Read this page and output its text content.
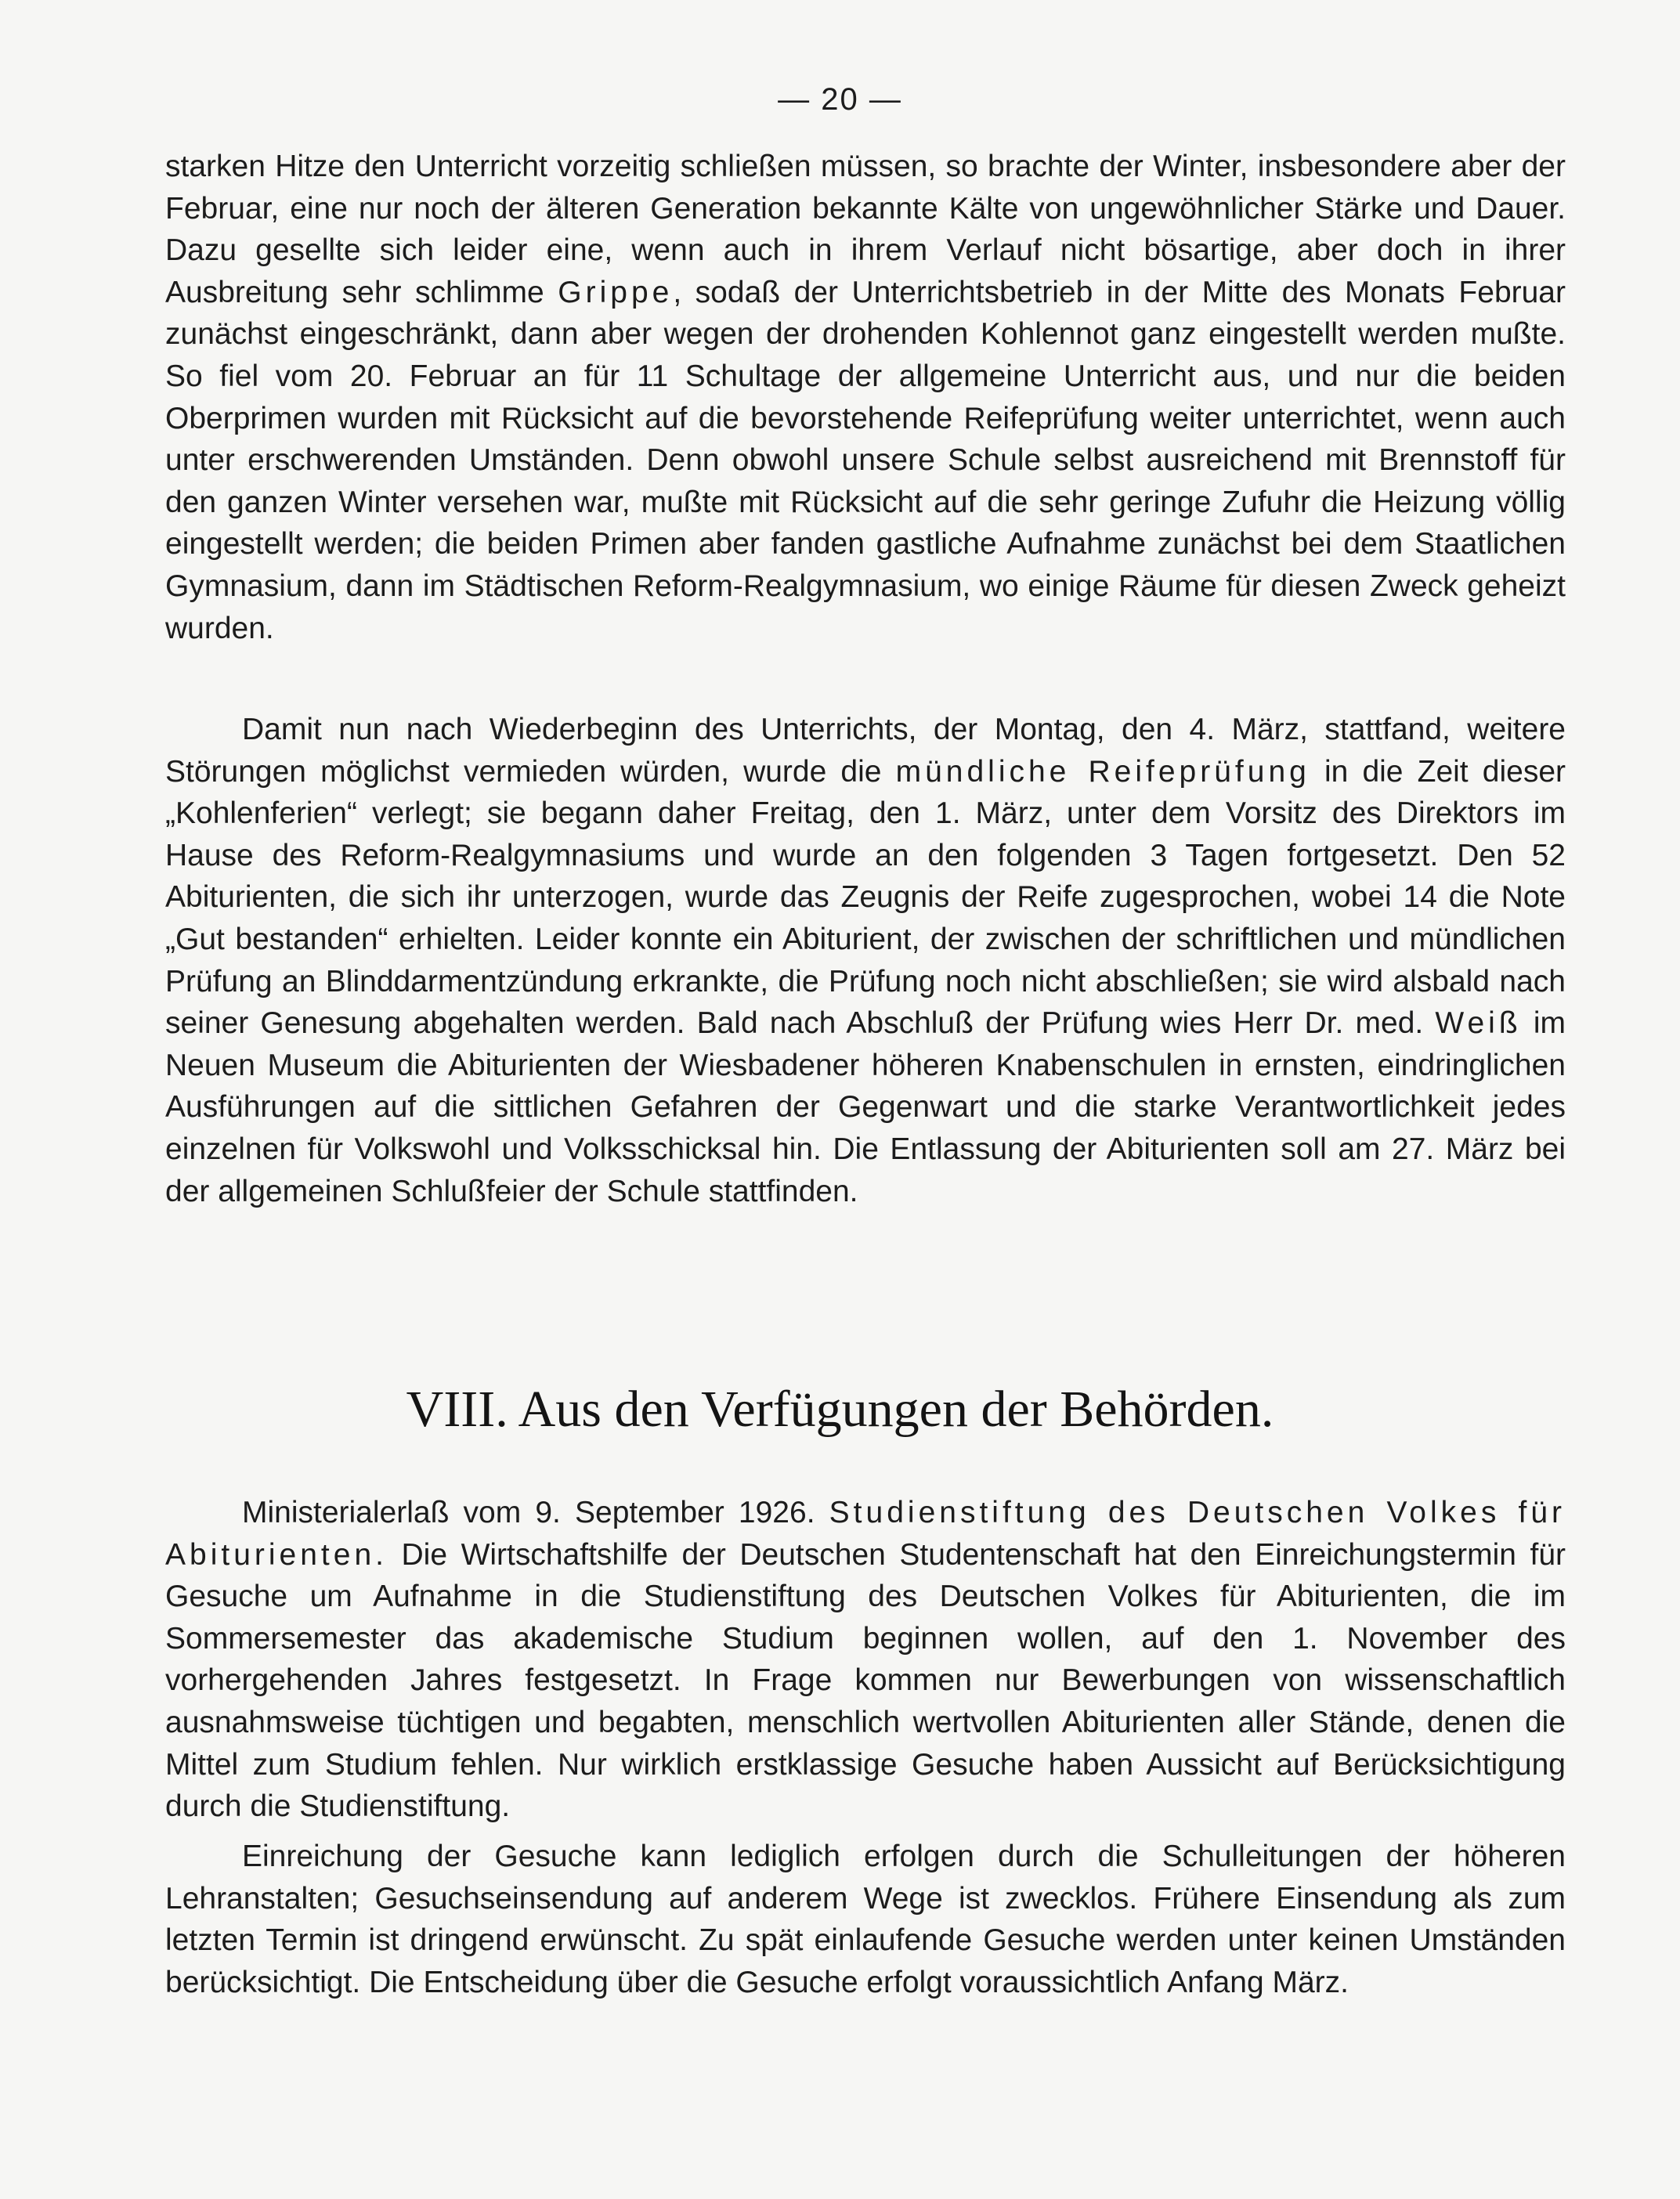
— 20 —

starken Hitze den Unterricht vorzeitig schließen müssen, so brachte der Winter, insbesondere aber der Februar, eine nur noch der älteren Generation bekannte Kälte von ungewöhnlicher Stärke und Dauer. Dazu gesellte sich leider eine, wenn auch in ihrem Verlauf nicht bösartige, aber doch in ihrer Ausbreitung sehr schlimme Grippe, sodaß der Unterrichtsbetrieb in der Mitte des Monats Februar zunächst eingeschränkt, dann aber wegen der drohenden Kohlennot ganz eingestellt werden mußte. So fiel vom 20. Februar an für 11 Schultage der allgemeine Unterricht aus, und nur die beiden Oberprimen wurden mit Rücksicht auf die bevorstehende Reifeprüfung weiter unterrichtet, wenn auch unter erschwerenden Umständen. Denn obwohl unsere Schule selbst ausreichend mit Brennstoff für den ganzen Winter versehen war, mußte mit Rücksicht auf die sehr geringe Zufuhr die Heizung völlig eingestellt werden; die beiden Primen aber fanden gastliche Aufnahme zunächst bei dem Staatlichen Gymnasium, dann im Städtischen Reform-Realgymnasium, wo einige Räume für diesen Zweck geheizt wurden.

Damit nun nach Wiederbeginn des Unterrichts, der Montag, den 4. März, stattfand, weitere Störungen möglichst vermieden würden, wurde die mündliche Reifeprüfung in die Zeit dieser „Kohlenferien“ verlegt; sie begann daher Freitag, den 1. März, unter dem Vorsitz des Direktors im Hause des Reform-Realgymnasiums und wurde an den folgenden 3 Tagen fortgesetzt. Den 52 Abiturienten, die sich ihr unterzogen, wurde das Zeugnis der Reife zugesprochen, wobei 14 die Note „Gut bestanden“ erhielten. Leider konnte ein Abiturient, der zwischen der schriftlichen und mündlichen Prüfung an Blinddarmentzündung erkrankte, die Prüfung noch nicht abschließen; sie wird alsbald nach seiner Genesung abgehalten werden. Bald nach Abschluß der Prüfung wies Herr Dr. med. Weiß im Neuen Museum die Abiturienten der Wiesbadener höheren Knabenschulen in ernsten, eindringlichen Ausführungen auf die sittlichen Gefahren der Gegenwart und die starke Verantwortlichkeit jedes einzelnen für Volkswohl und Volksschicksal hin. Die Entlassung der Abiturienten soll am 27. März bei der allgemeinen Schlußfeier der Schule stattfinden.

VIII. Aus den Verfügungen der Behörden.

Ministerialerlaß vom 9. September 1926. Studienstiftung des Deutschen Volkes für Abiturienten. Die Wirtschaftshilfe der Deutschen Studentenschaft hat den Einreichungstermin für Gesuche um Aufnahme in die Studienstiftung des Deutschen Volkes für Abiturienten, die im Sommersemester das akademische Studium beginnen wollen, auf den 1. November des vorhergehenden Jahres festgesetzt. In Frage kommen nur Bewerbungen von wissenschaftlich ausnahmsweise tüchtigen und begabten, menschlich wertvollen Abiturienten aller Stände, denen die Mittel zum Studium fehlen. Nur wirklich erstklassige Gesuche haben Aussicht auf Berücksichtigung durch die Studienstiftung.

Einreichung der Gesuche kann lediglich erfolgen durch die Schulleitungen der höheren Lehranstalten; Gesuchseinsendung auf anderem Wege ist zwecklos. Frühere Einsendung als zum letzten Termin ist dringend erwünscht. Zu spät einlaufende Gesuche werden unter keinen Umständen berücksichtigt. Die Entscheidung über die Gesuche erfolgt voraussichtlich Anfang März.
